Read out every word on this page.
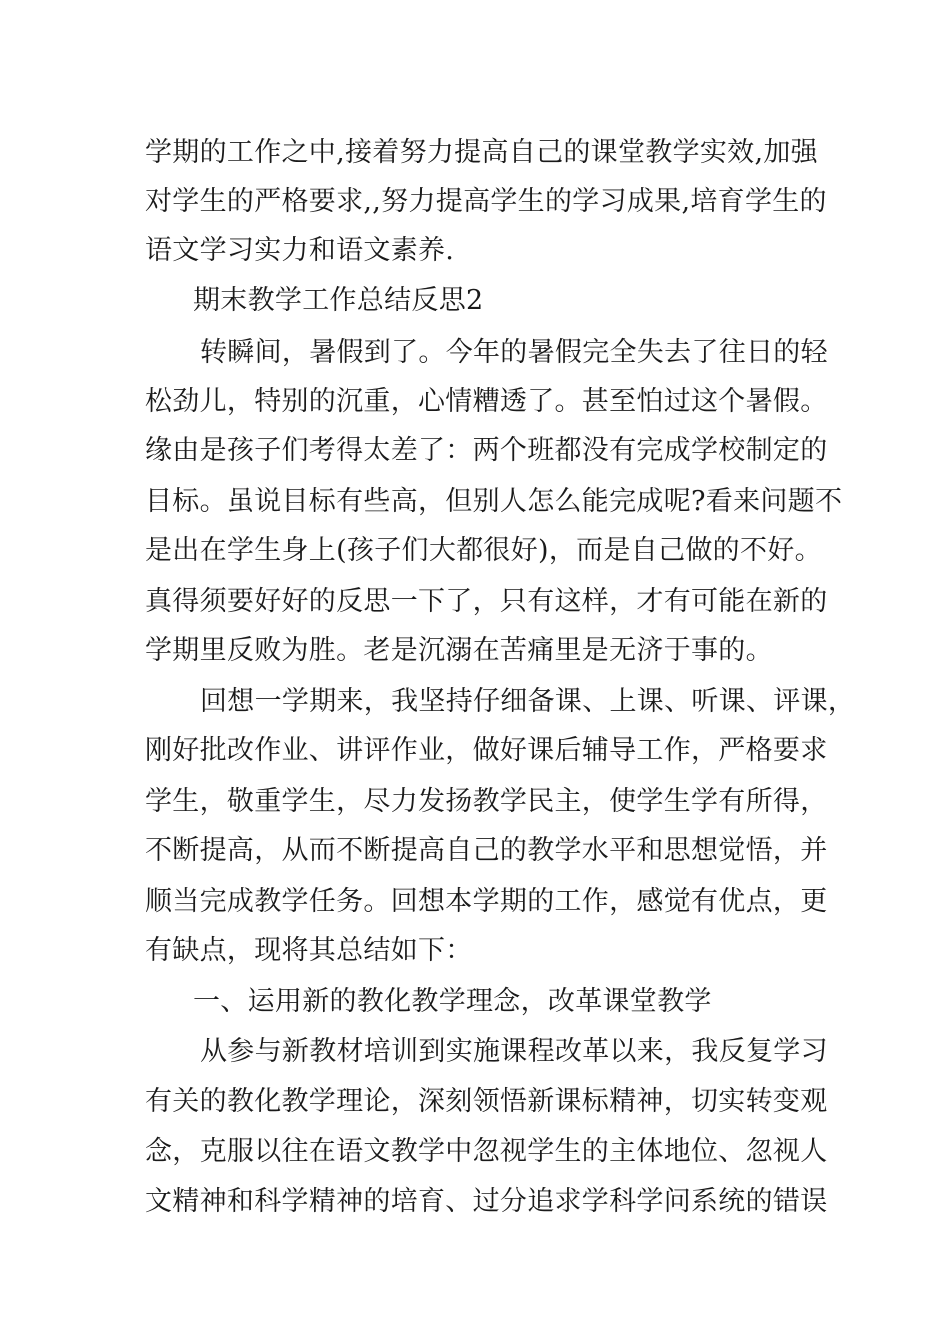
学期的工作之中,接着努力提高自己的课堂教学实效,加强
对学生的严格要求,,努力提高学生的学习成果,培育学生的
语文学习实力和语文素养.
期末教学工作总结反思2
转瞬间，暑假到了。今年的暑假完全失去了往日的轻
松劲儿，特别的沉重，心情糟透了。甚至怕过这个暑假。
缘由是孩子们考得太差了：两个班都没有完成学校制定的
目标。虽说目标有些高，但别人怎么能完成呢?看来问题不
是出在学生身上(孩子们大都很好)，而是自己做的不好。
真得须要好好的反思一下了，只有这样，才有可能在新的
学期里反败为胜。老是沉溺在苦痛里是无济于事的。
回想一学期来，我坚持仔细备课、上课、听课、评课，
刚好批改作业、讲评作业，做好课后辅导工作，严格要求
学生，敬重学生，尽力发扬教学民主，使学生学有所得，
不断提高，从而不断提高自己的教学水平和思想觉悟，并
顺当完成教学任务。回想本学期的工作，感觉有优点，更
有缺点，现将其总结如下：
一、运用新的教化教学理念，改革课堂教学
从参与新教材培训到实施课程改革以来，我反复学习
有关的教化教学理论，深刻领悟新课标精神，切实转变观
念，克服以往在语文教学中忽视学生的主体地位、忽视人
文精神和科学精神的培育、过分追求学科学问系统的错误
